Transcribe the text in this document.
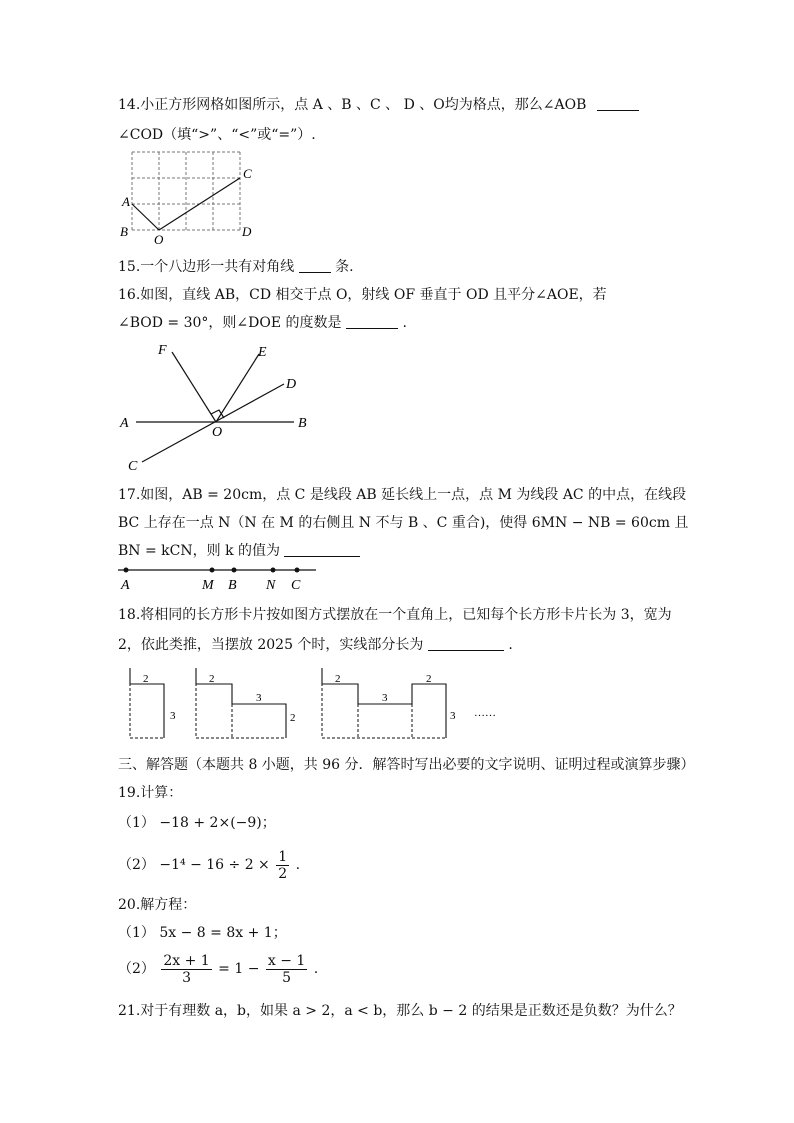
14.小正方形网格如图所示，点 A 、B 、C 、 D 、O均为格点，那么∠AOB
∠COD（填“>”、“<”或“=”）.
A
B
C
D
O
15.一个八边形一共有对角线	条.
16.如图，直线 AB，CD 相交于点 O，射线 OF 垂直于 OD 且平分∠AOE，若
∠BOD = 30°，则∠DOE 的度数是	.
A	B
C
D
E
F
O
17.如图，AB = 20cm，点 C 是线段 AB 延长线上一点，点 M 为线段 AC 的中点，在线段
BC 上存在一点 N（N 在 M 的右侧且 N 不与 B 、C 重合)，使得 6MN − NB = 60cm 且
BN = kCN，则 k 的值为
A	M B N C
18.将相同的长方形卡片按如图方式摆放在一个直角上，已知每个长方形卡片长为 3，宽为
2，依此类推，当摆放 2025 个时，实线部分长为	.
2
3
2
3
2
2
3
2
3 ……
三、解答题（本题共 8 小题，共 96 分．解答时写出必要的文字说明、证明过程或演算步骤）
19.计算：
（1） −18 + 2×(−9)；
$(2) -1^4 - 16 \div 2 \times \frac{1}{2}$ .
20.解方程：
（1） 5x − 8 = 8x + 1；
$(2) \frac{2x + 1}{3} = 1 - \frac{x - 1}{5}$ .
21.对于有理数 a，b，如果 a > 2，a < b，那么 b − 2 的结果是正数还是负数？为什么？
